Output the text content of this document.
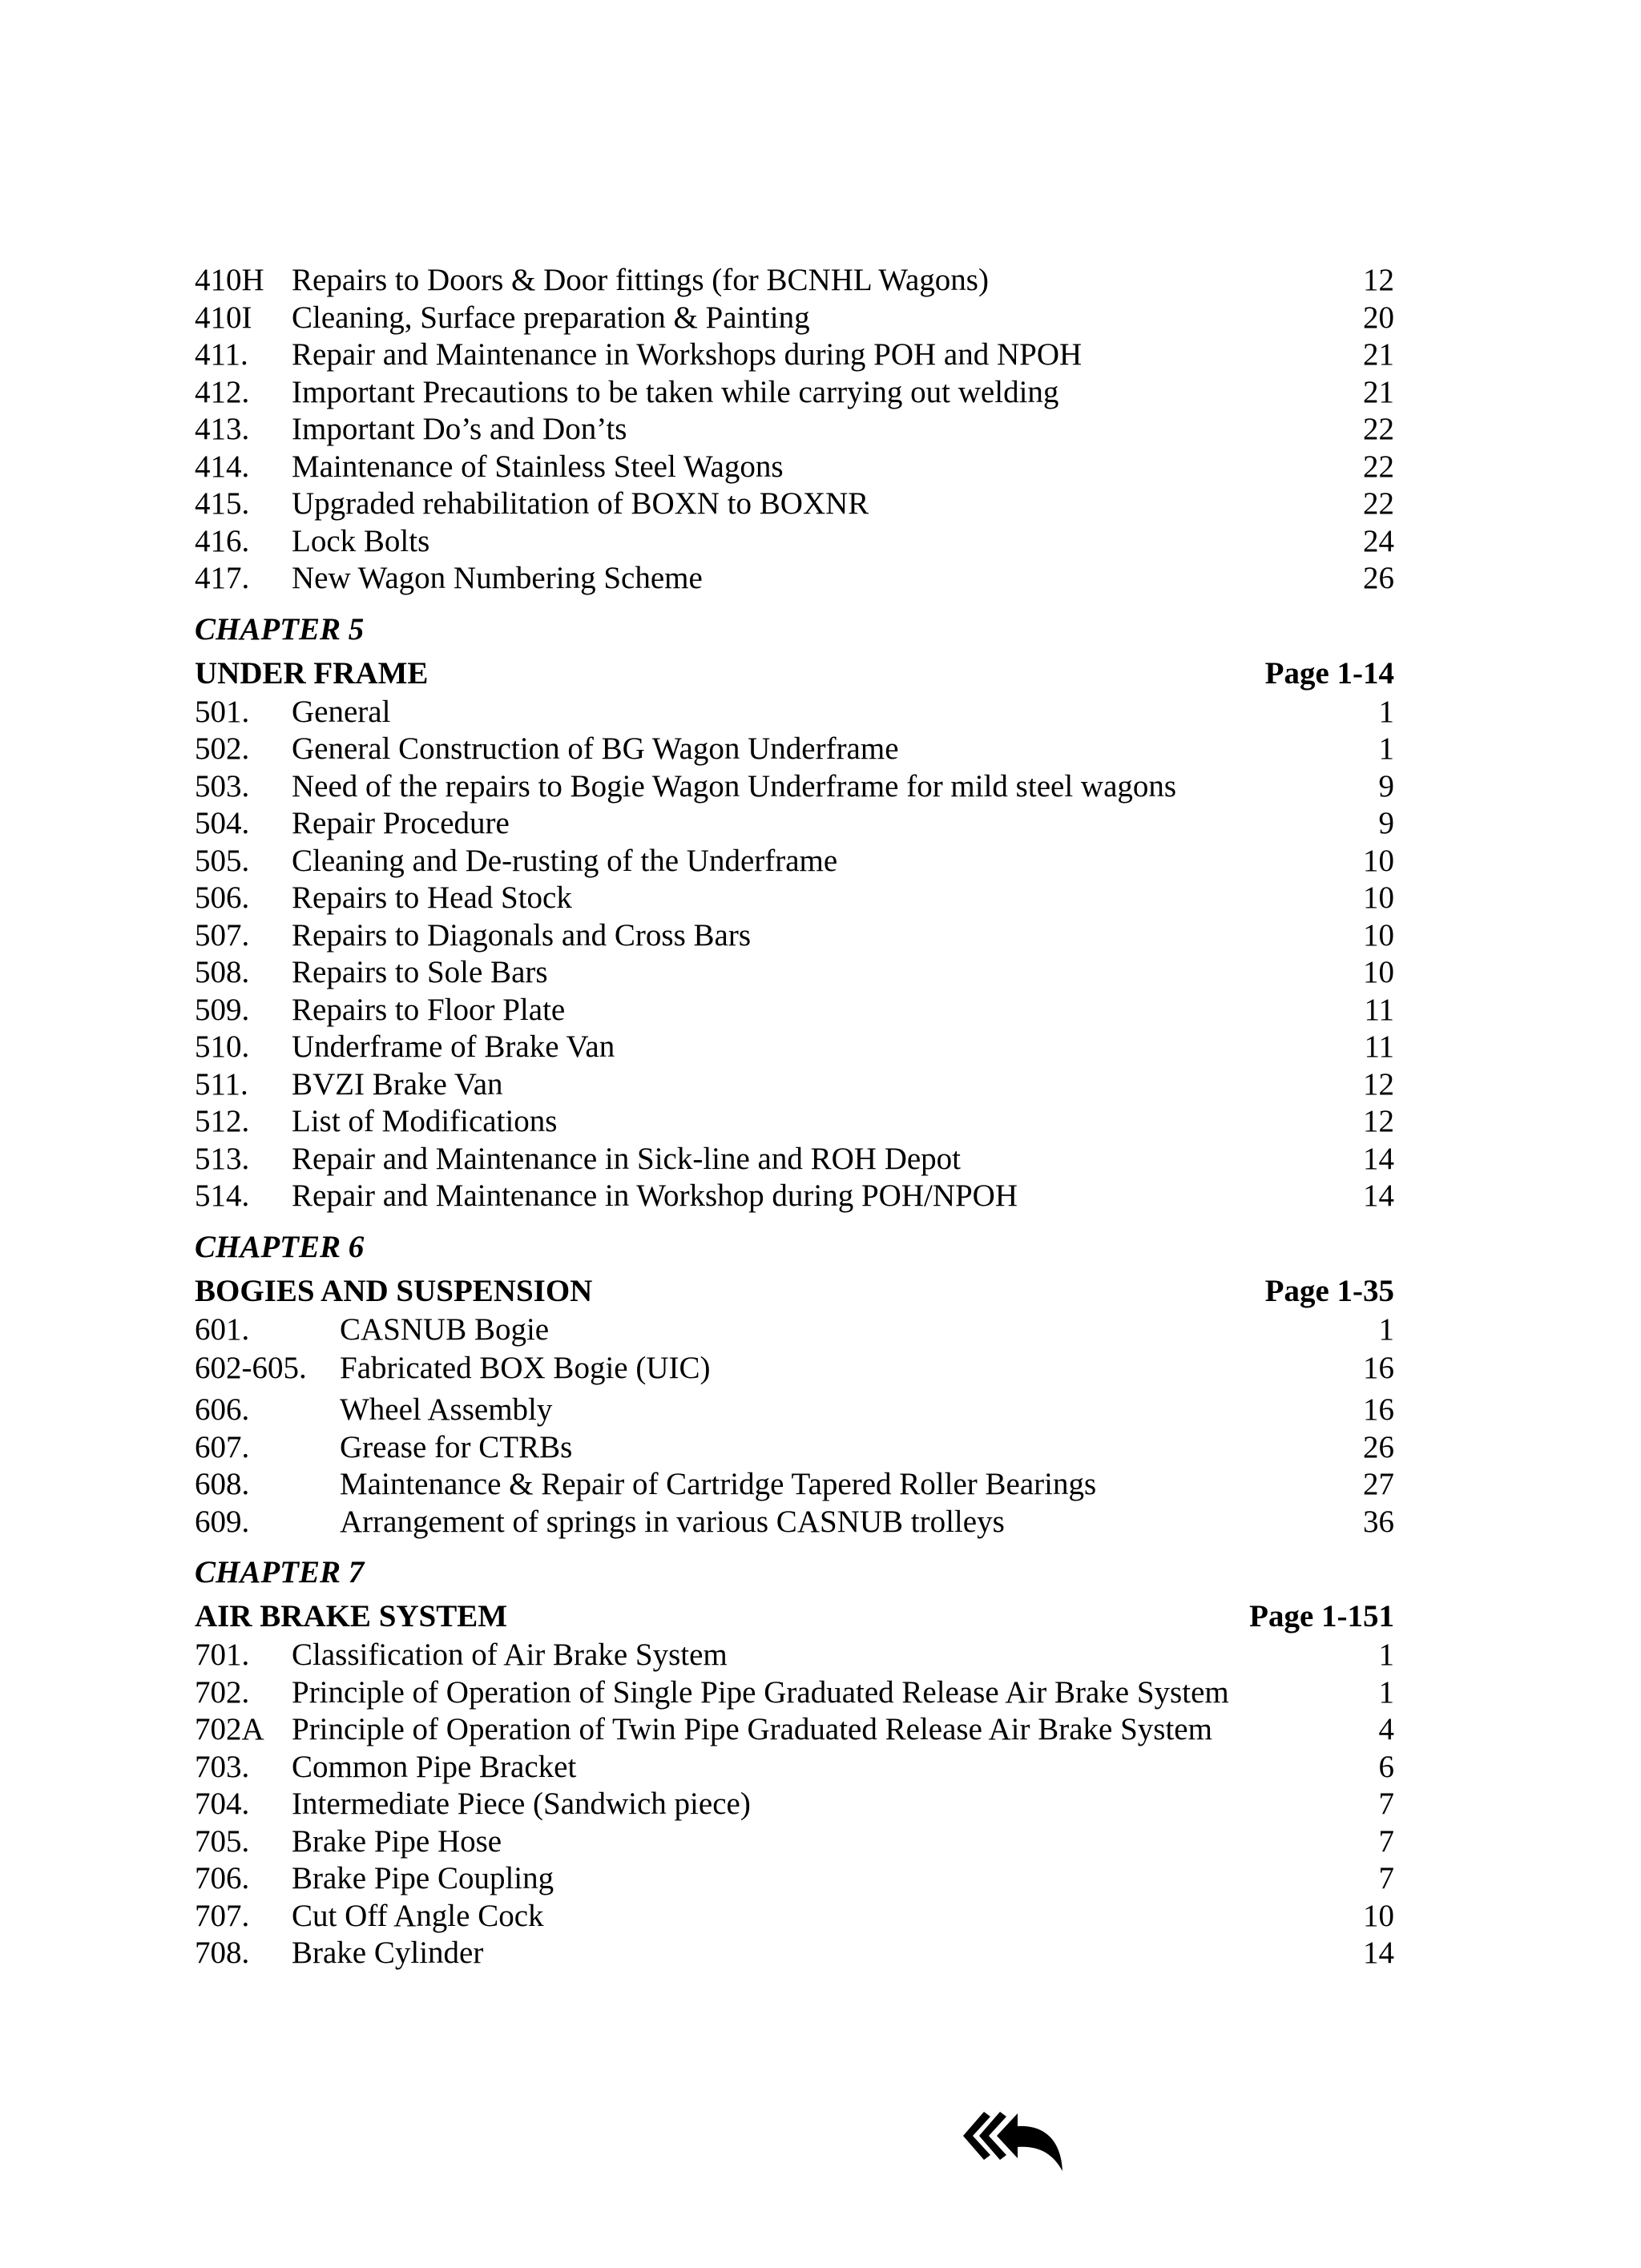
410H Repairs to Doors & Door fittings (for BCNHL Wagons)	12
410I Cleaning, Surface preparation & Painting	20
411. Repair and Maintenance in Workshops during POH and NPOH	21
412. Important Precautions to be taken while carrying out welding	21
413. Important Do’s and Don’ts	22
414. Maintenance of Stainless Steel Wagons	22
415. Upgraded rehabilitation of BOXN to BOXNR	22
416. Lock Bolts	24
417. New Wagon Numbering Scheme	26
CHAPTER 5
UNDER FRAME	Page 1-14
501. General	1
502. General Construction of BG Wagon Underframe	1
503. Need of the repairs to Bogie Wagon Underframe for mild steel wagons	9
504. Repair Procedure	9
505. Cleaning and De-rusting of the Underframe	10
506. Repairs to Head Stock	10
507. Repairs to Diagonals and Cross Bars	10
508. Repairs to Sole Bars	10
509. Repairs to Floor Plate	11
510. Underframe of Brake Van	11
511. BVZI Brake Van	12
512. List of Modifications	12
513. Repair and Maintenance in Sick-line and ROH Depot	14
514. Repair and Maintenance in Workshop during POH/NPOH	14
CHAPTER 6
BOGIES AND SUSPENSION	Page 1-35
601.	CASNUB Bogie	1
602-605. Fabricated BOX Bogie (UIC)	16
606.	Wheel Assembly	16
607.	Grease for CTRBs	26
608.	Maintenance & Repair of Cartridge Tapered Roller Bearings	27
609.	Arrangement of springs in various CASNUB trolleys	36
CHAPTER 7
AIR BRAKE SYSTEM	Page 1-151
701. Classification of Air Brake System	1
702. Principle of Operation of Single Pipe Graduated Release Air Brake System	1
702A Principle of Operation of Twin Pipe Graduated Release Air Brake System	4
703. Common Pipe Bracket	6
704. Intermediate Piece (Sandwich piece)	7
705. Brake Pipe Hose	7
706. Brake Pipe Coupling	7
707. Cut Off Angle Cock	10
708. Brake Cylinder	14
